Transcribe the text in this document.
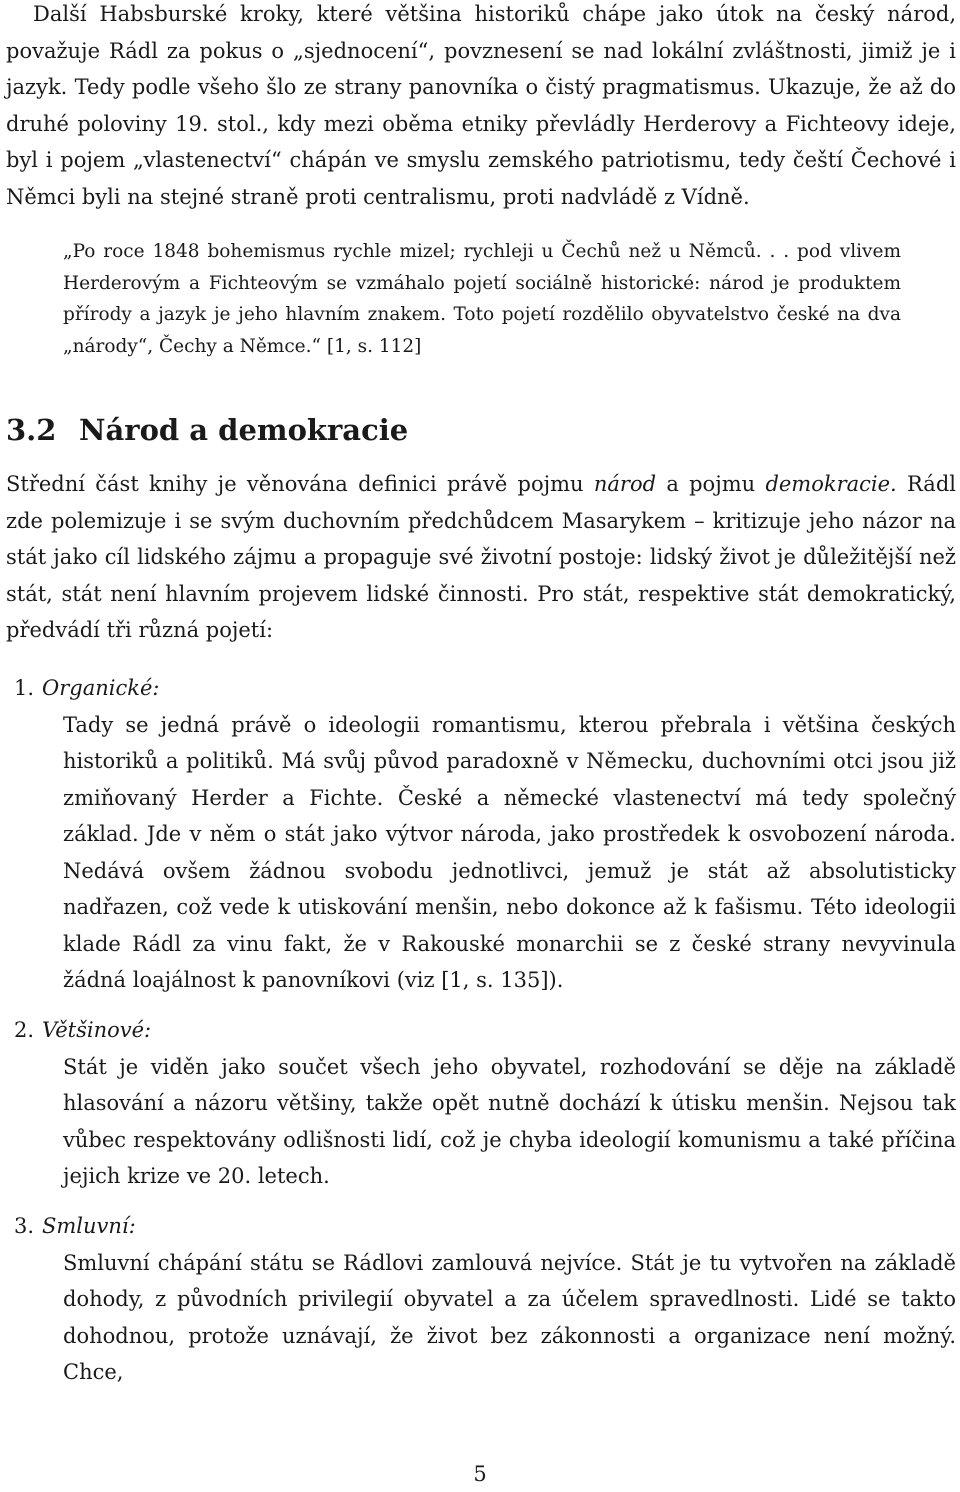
Další Habsburské kroky, které většina historiků chápe jako útok na český národ, považuje Rádl za pokus o „sjednocení“, povznesení se nad lokální zvláštnosti, jimiž je i jazyk. Tedy podle všeho šlo ze strany panovníka o čistý pragmatismus. Ukazuje, že až do druhé poloviny 19. stol., kdy mezi oběma etniky převládly Herderovy a Fichteovy ideje, byl i pojem „vlastenectví“ chápán ve smyslu zemského patriotismu, tedy čeští Čechové i Němci byli na stejné straně proti centralismu, proti nadvládě z Vídně.

„Po roce 1848 bohemismus rychle mizel; rychleji u Čechů než u Němců. . . pod vlivem Herderovým a Fichteovým se vzmáhalo pojetí sociálně historické: národ je produktem přírody a jazyk je jeho hlavním znakem. Toto pojetí rozdělilo obyvatelstvo české na dva „národy“, Čechy a Němce.“ [1, s. 112]

3.2 Národ a demokracie

Střední část knihy je věnována definici právě pojmu národ a pojmu demokracie. Rádl zde polemizuje i se svým duchovním předchůdcem Masarykem – kritizuje jeho názor na stát jako cíl lidského zájmu a propaguje své životní postoje: lidský život je důležitější než stát, stát není hlavním projevem lidské činnosti. Pro stát, respektive stát demokratický, předvádí tři různá pojetí:

1. Organické:

Tady se jedná právě o ideologii romantismu, kterou přebrala i většina českých historiků a politiků. Má svůj původ paradoxně v Německu, duchovními otci jsou již zmiňovaný Herder a Fichte. České a německé vlastenectví má tedy společný základ. Jde v něm o stát jako výtvor národa, jako prostředek k osvobození národa. Nedává ovšem žádnou svobodu jednotlivci, jemuž je stát až absolutisticky nadřazen, což vede k utiskování menšin, nebo dokonce až k fašismu. Této ideologii klade Rádl za vinu fakt, že v Rakouské monarchii se z české strany nevyvinula žádná loajálnost k panovníkovi (viz [1, s. 135]).

2. Většinové:

Stát je viděn jako součet všech jeho obyvatel, rozhodování se děje na základě hlasování a názoru většiny, takže opět nutně dochází k útisku menšin. Nejsou tak vůbec respektovány odlišnosti lidí, což je chyba ideologií komunismu a také příčina jejich krize ve 20. letech.

3. Smluvní:

Smluvní chápání státu se Rádlovi zamlouvá nejvíce. Stát je tu vytvořen na základě dohody, z původních privilegií obyvatel a za účelem spravedlnosti. Lidé se takto dohodnou, protože uznávají, že život bez zákonnosti a organizace není možný. Chce,

5
